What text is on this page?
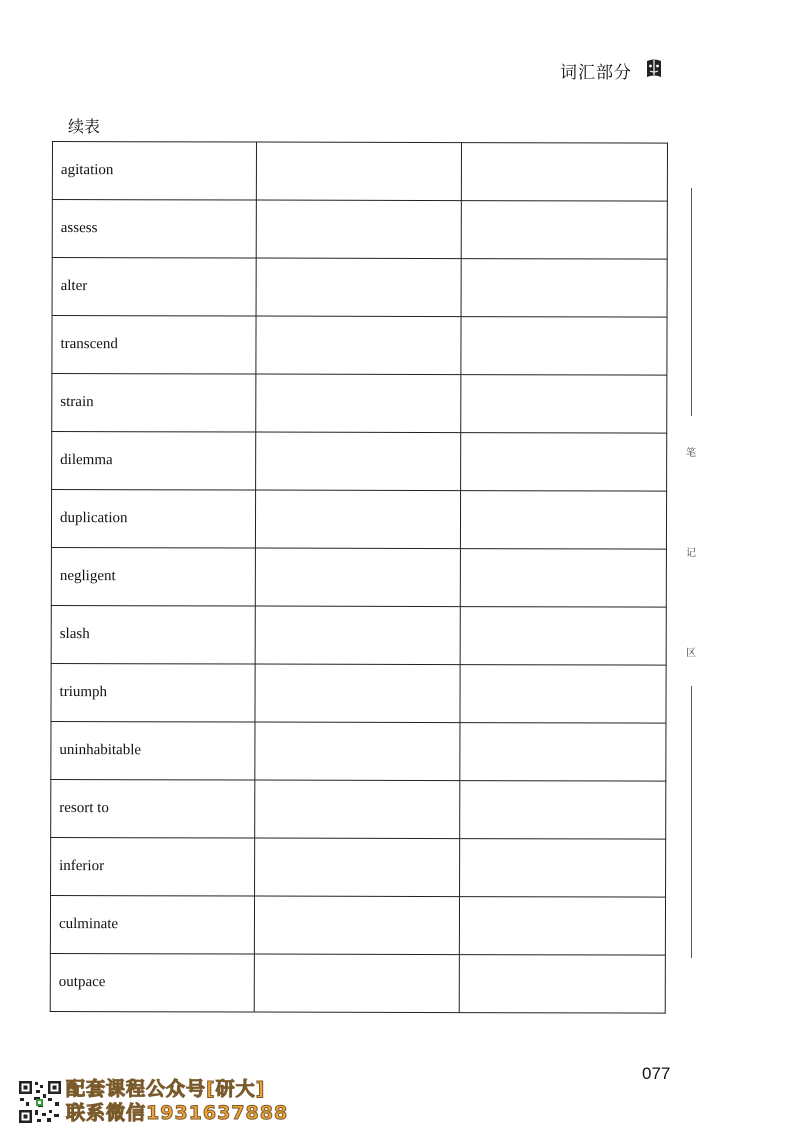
词汇部分
续表
agitation		
assess		
alter		
transcend		
strain		
dilemma		
duplication		
negligent		
slash		
triumph		
uninhabitable		
resort to		
inferior		
culminate		
outpace		
笔
记
区
077
配套课程公众号[研大]
联系微信1931637888
